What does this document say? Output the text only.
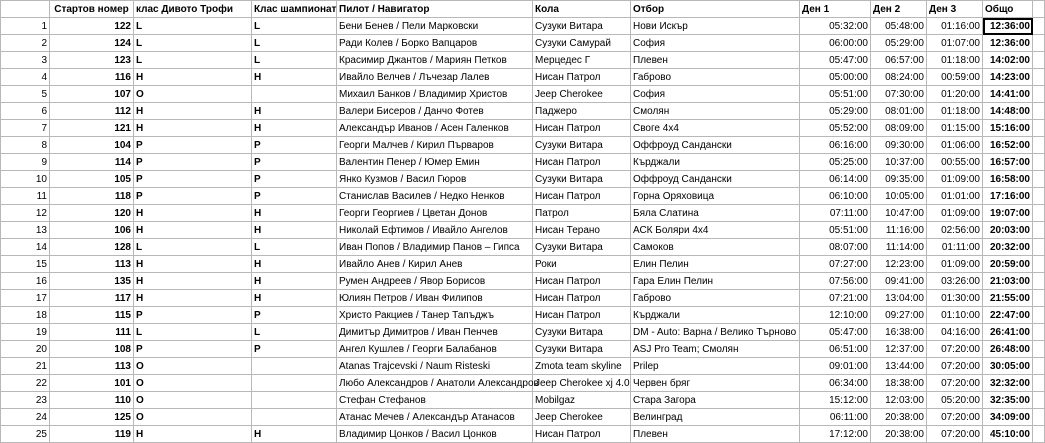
	Стартов номер	клас Дивото Трофи	Клас шампионат	Пилот / Навигатор	Кола	Отбор	Ден 1	Ден 2	Ден 3	Общо	
1	122	L	L	Бени Бенев / Пели Марковски	Сузуки Витара	Нови Искър	05:32:00	05:48:00	01:16:00	12:36:00	
2	124	L	L	Ради Колев / Борко Вапцаров	Сузуки Самурай	София	06:00:00	05:29:00	01:07:00	12:36:00	
3	123	L	L	Красимир Джантов / Мариян Петков	Мерцедес Г	Плевен	05:47:00	06:57:00	01:18:00	14:02:00	
4	116	H	H	Ивайло Велчев / Лъчезар Лалев	Нисан Патрол	Габрово	05:00:00	08:24:00	00:59:00	14:23:00	
5	107	O		Михаил Банков / Владимир Христов	Jeep Cherokee	София	05:51:00	07:30:00	01:20:00	14:41:00	
6	112	H	H	Валери Бисеров / Данчо Фотев	Паджеро	Смолян	05:29:00	08:01:00	01:18:00	14:48:00	
7	121	H	H	Александър Иванов / Асен Галенков	Нисан Патрол	Своге 4х4	05:52:00	08:09:00	01:15:00	15:16:00	
8	104	P	P	Георги Малчев / Кирил Първаров	Сузуки Витара	Оффроуд Сандански	06:16:00	09:30:00	01:06:00	16:52:00	
9	114	P	P	Валентин Пенер / Юмер Емин	Нисан Патрол	Кърджали	05:25:00	10:37:00	00:55:00	16:57:00	
10	105	P	P	Янко Кузмов / Васил Гюров	Сузуки Витара	Оффроуд Сандански	06:14:00	09:35:00	01:09:00	16:58:00	
11	118	P	P	Станислав Василев / Недко Ненков	Нисан Патрол	Горна Оряховица	06:10:00	10:05:00	01:01:00	17:16:00	
12	120	H	H	Георги Георгиев / Цветан Донов	Патрол	Бяла Слатина	07:11:00	10:47:00	01:09:00	19:07:00	
13	106	H	H	Николай Ефтимов / Ивайло Ангелов	Нисан Терано	АСК Боляри 4х4	05:51:00	11:16:00	02:56:00	20:03:00	
14	128	L	L	Иван Попов / Владимир Панов – Гипса	Сузуки Витара	Самоков	08:07:00	11:14:00	01:11:00	20:32:00	
15	113	H	H	Ивайло Анев / Кирил Анев	Роки	Елин Пелин	07:27:00	12:23:00	01:09:00	20:59:00	
16	135	H	H	Румен Андреев / Явор Борисов	Нисан Патрол	Гара Елин Пелин	07:56:00	09:41:00	03:26:00	21:03:00	
17	117	H	H	Юлиян Петров / Иван Филипов	Нисан Патрол	Габрово	07:21:00	13:04:00	01:30:00	21:55:00	
18	115	P	P	Христо Ракциев / Танер Тапъджъ	Нисан Патрол	Кърджали	12:10:00	09:27:00	01:10:00	22:47:00	
19	111	L	L	Димитър Димитров / Иван Пенчев	Сузуки Витара	DM - Auto: Варна / Велико Търново	05:47:00	16:38:00	04:16:00	26:41:00	
20	108	P	P	Ангел Кушлев / Георги Балабанов	Сузуки Витара	ASJ Pro Team; Смолян	06:51:00	12:37:00	07:20:00	26:48:00	
21	113	O		Atanas Trajcevski / Naum Risteski	Zmota team skyline	Prilep	09:01:00	13:44:00	07:20:00	30:05:00	
22	101	O		Любо Александров / Анатоли Александров	Jeep Cherokee xj 4.0	Червен бряг	06:34:00	18:38:00	07:20:00	32:32:00	
23	110	O		Стефан Стефанов	Mobilgaz	Стара Загора	15:12:00	12:03:00	05:20:00	32:35:00	
24	125	O		Атанас Мечев / Александър Атанасов	Jeep Cherokee	Велинград	06:11:00	20:38:00	07:20:00	34:09:00	
25	119	H	H	Владимир Цонков / Васил Цонков	Нисан Патрол	Плевен	17:12:00	20:38:00	07:20:00	45:10:00	
